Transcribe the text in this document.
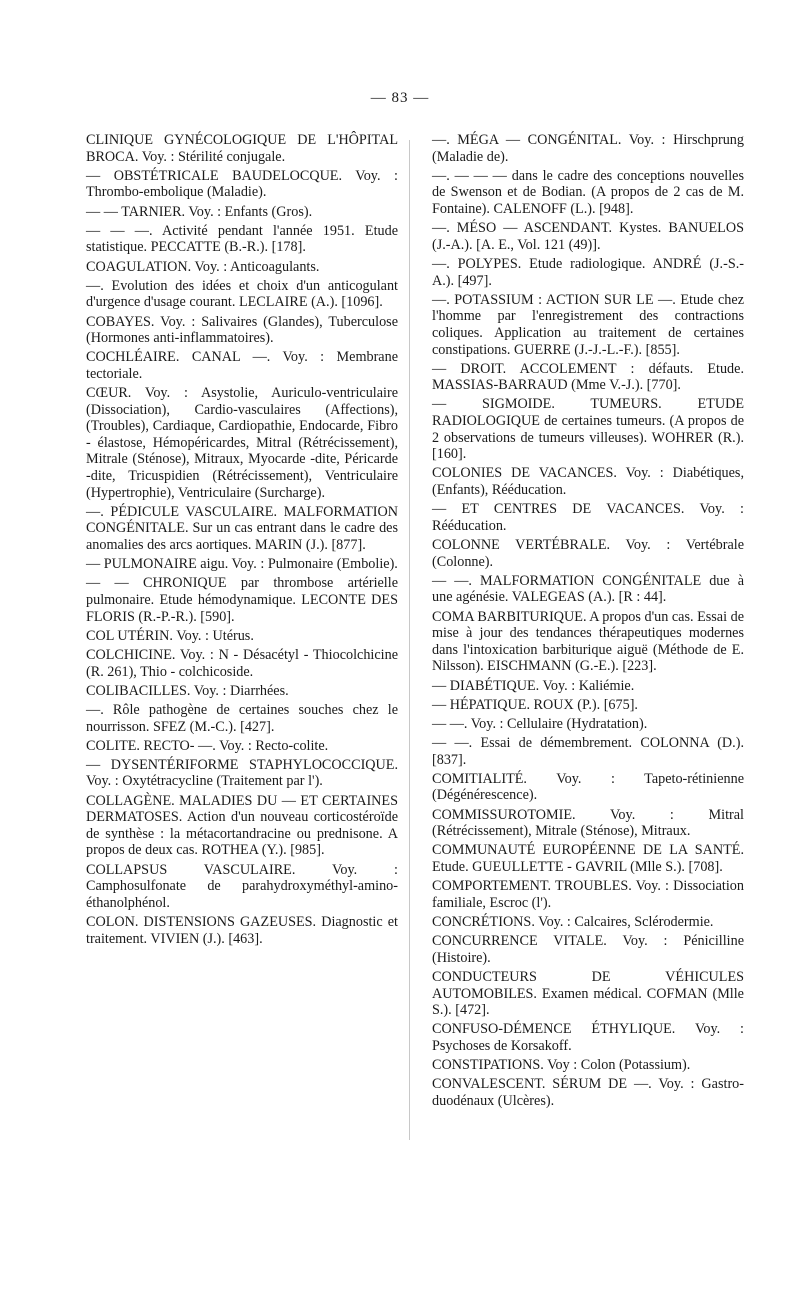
— 83 —

CLINIQUE GYNÉCOLOGIQUE DE L'HÔPITAL BROCA. Voy. : Stérilité conjugale.

— OBSTÉTRICALE BAUDELOCQUE. Voy. : Thrombo-embolique (Maladie).

— — TARNIER. Voy. : Enfants (Gros).

— — —. Activité pendant l'année 1951. Etude statistique. PECCATTE (B.-R.). [178].

COAGULATION. Voy. : Anticoagulants.

—. Evolution des idées et choix d'un anticogulant d'urgence d'usage courant. LECLAIRE (A.). [1096].

COBAYES. Voy. : Salivaires (Glandes), Tuberculose (Hormones anti-inflammatoires).

COCHLÉAIRE. CANAL —. Voy. : Membrane tectoriale.

CŒUR. Voy. : Asystolie, Auriculo-ventriculaire (Dissociation), Cardio-vasculaires (Affections), (Troubles), Cardiaque, Cardiopathie, Endocarde, Fibro - élastose, Hémopéricardes, Mitral (Rétrécissement), Mitrale (Sténose), Mitraux, Myocarde -dite, Péricarde -dite, Tricuspidien (Rétrécissement), Ventriculaire (Hypertrophie), Ventriculaire (Surcharge).

—. PÉDICULE VASCULAIRE. MALFORMATION CONGÉNITALE. Sur un cas entrant dans le cadre des anomalies des arcs aortiques. MARIN (J.). [877].

— PULMONAIRE aigu. Voy. : Pulmonaire (Embolie).

— — CHRONIQUE par thrombose artérielle pulmonaire. Etude hémodynamique. LECONTE DES FLORIS (R.-P.-R.). [590].

COL UTÉRIN. Voy. : Utérus.

COLCHICINE. Voy. : N - Désacétyl - Thiocolchicine (R. 261), Thio - colchicoside.

COLIBACILLES. Voy. : Diarrhées.

—. Rôle pathogène de certaines souches chez le nourrisson. SFEZ (M.-C.). [427].

COLITE. RECTO- —. Voy. : Recto-colite.

— DYSENTÉRIFORME STAPHYLOCOCCIQUE. Voy. : Oxytétracycline (Traitement par l').

COLLAGÈNE. MALADIES DU — ET CERTAINES DERMATOSES. Action d'un nouveau corticostéroïde de synthèse : la métacortandracine ou prednisone. A propos de deux cas. ROTHEA (Y.). [985].

COLLAPSUS VASCULAIRE. Voy. : Camphosulfonate de parahydroxyméthyl-amino-éthanolphénol.

COLON. DISTENSIONS GAZEUSES. Diagnostic et traitement. VIVIEN (J.). [463].

—. MÉGA — CONGÉNITAL. Voy. : Hirschprung (Maladie de).

—. — — — dans le cadre des conceptions nouvelles de Swenson et de Bodian. (A propos de 2 cas de M. Fontaine). CALENOFF (L.). [948].

—. MÉSO — ASCENDANT. Kystes. BANUELOS (J.-A.). [A. E., Vol. 121 (49)].

—. POLYPES. Etude radiologique. ANDRÉ (J.-S.-A.). [497].

—. POTASSIUM : ACTION SUR LE —. Etude chez l'homme par l'enregistrement des contractions coliques. Application au traitement de certaines constipations. GUERRE (J.-J.-L.-F.). [855].

— DROIT. ACCOLEMENT : défauts. Etude. MASSIAS-BARRAUD (Mme V.-J.). [770].

— SIGMOIDE. TUMEURS. ETUDE RADIOLOGIQUE de certaines tumeurs. (A propos de 2 observations de tumeurs villeuses). WOHRER (R.). [160].

COLONIES DE VACANCES. Voy. : Diabétiques, (Enfants), Rééducation.

— ET CENTRES DE VACANCES. Voy. : Rééducation.

COLONNE VERTÉBRALE. Voy. : Vertébrale (Colonne).

— —. MALFORMATION CONGÉNITALE due à une agénésie. VALEGEAS (A.). [R : 44].

COMA BARBITURIQUE. A propos d'un cas. Essai de mise à jour des tendances thérapeutiques modernes dans l'intoxication barbiturique aiguë (Méthode de E. Nilsson). EISCHMANN (G.-E.). [223].

— DIABÉTIQUE. Voy. : Kaliémie.

— HÉPATIQUE. ROUX (P.). [675].

— —. Voy. : Cellulaire (Hydratation).

— —. Essai de démembrement. COLONNA (D.). [837].

COMITIALITÉ. Voy. : Tapeto-rétinienne (Dégénérescence).

COMMISSUROTOMIE. Voy. : Mitral (Rétrécissement), Mitrale (Sténose), Mitraux.

COMMUNAUTÉ EUROPÉENNE DE LA SANTÉ. Etude. GUEULLETTE - GAVRIL (Mlle S.). [708].

COMPORTEMENT. TROUBLES. Voy. : Dissociation familiale, Escroc (l').

CONCRÉTIONS. Voy. : Calcaires, Sclérodermie.

CONCURRENCE VITALE. Voy. : Pénicilline (Histoire).

CONDUCTEURS DE VÉHICULES AUTOMOBILES. Examen médical. COFMAN (Mlle S.). [472].

CONFUSO-DÉMENCE ÉTHYLIQUE. Voy. : Psychoses de Korsakoff.

CONSTIPATIONS. Voy : Colon (Potassium).

CONVALESCENT. SÉRUM DE —. Voy. : Gastro-duodénaux (Ulcères).
